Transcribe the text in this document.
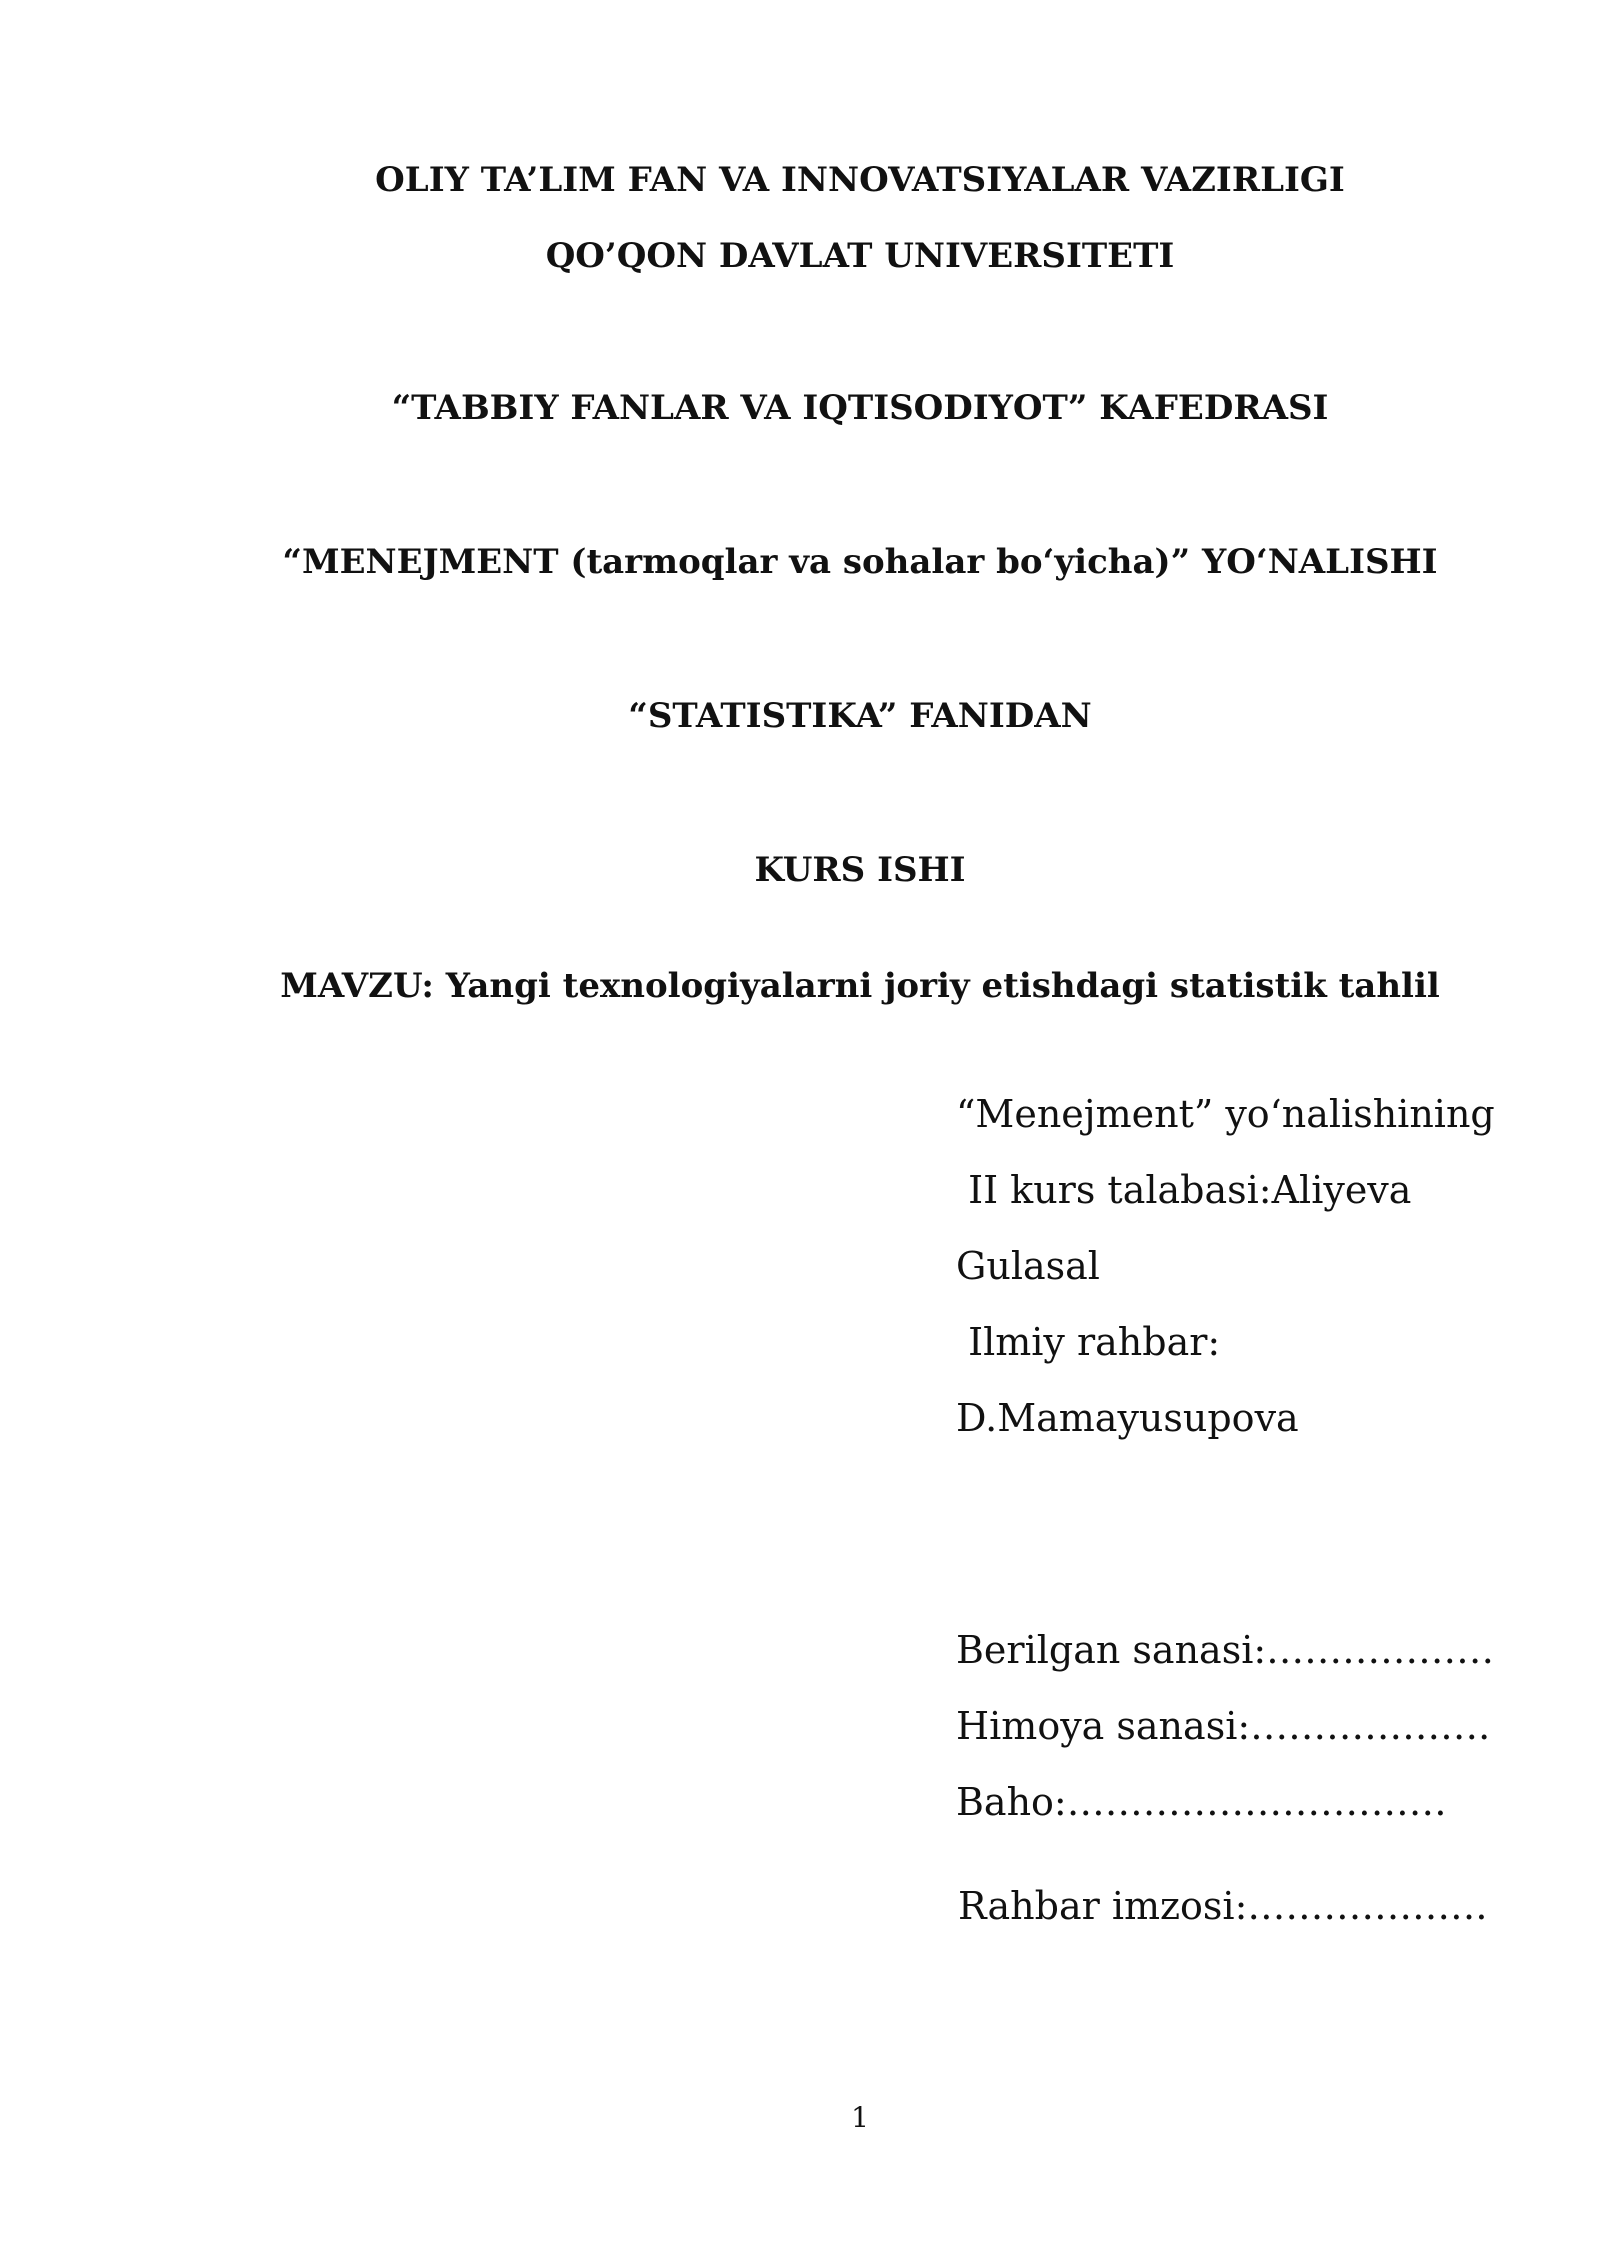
OLIY TA’LIM FAN VA INNOVATSIYALAR VAZIRLIGI
QO’QON DAVLAT UNIVERSITETI
“TABBIY FANLAR VA IQTISODIYOT” KAFEDRASI
“MENEJMENT (tarmoqlar va sohalar bo‘yicha)” YO‘NALISHI
“STATISTIKA” FANIDAN
KURS ISHI
MAVZU: Yangi texnologiyalarni joriy etishdagi statistik tahlil
“Menejment” yo‘nalishining
II kurs talabasi:Aliyeva
Gulasal
Ilmiy rahbar:
D.Mamayusupova
Berilgan sanasi:………………
Himoya sanasi:……………….
Baho:…………………………
Rahbar imzosi:……………….
1
